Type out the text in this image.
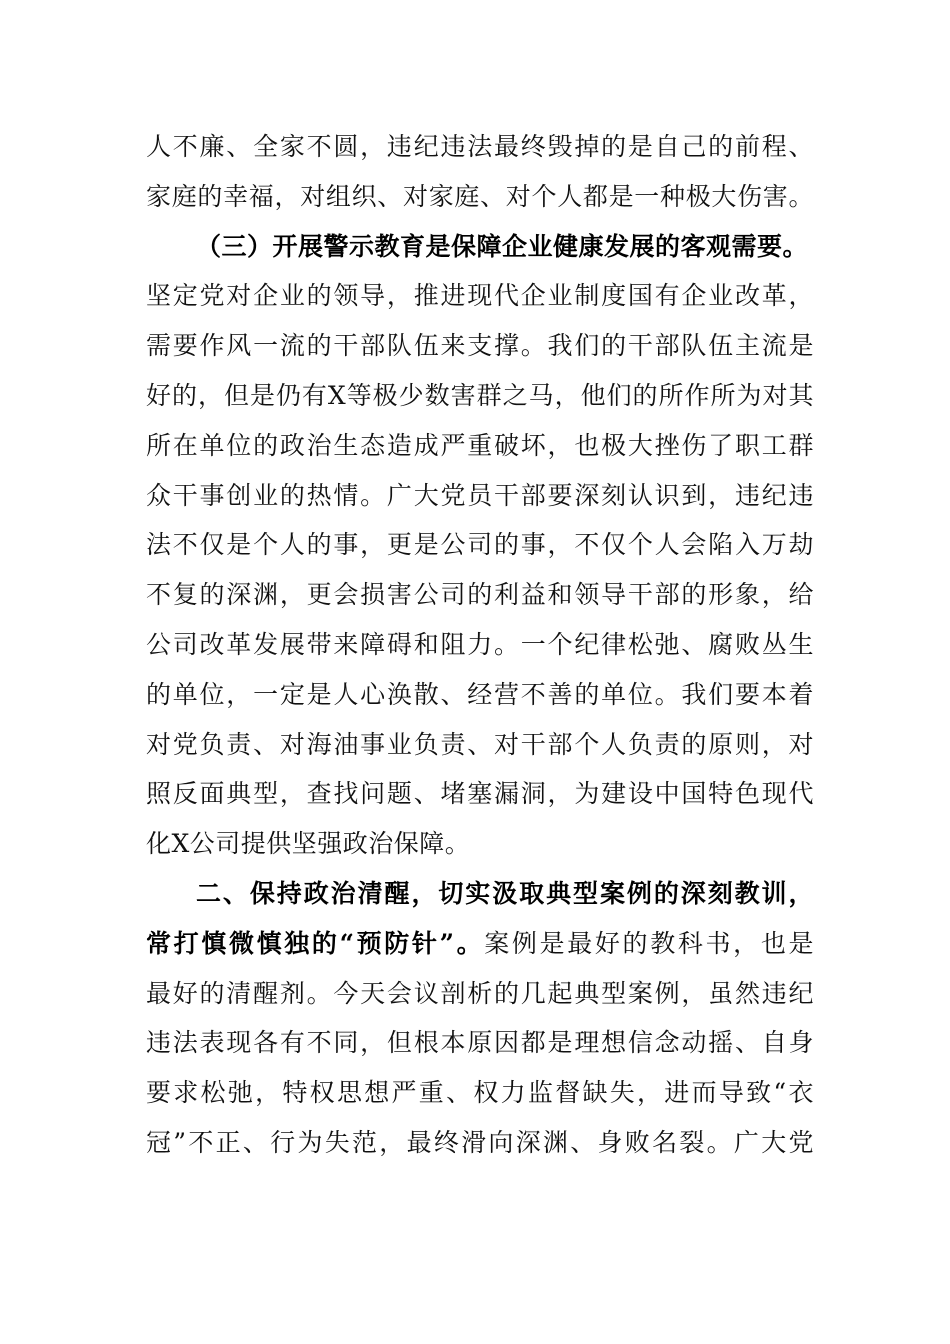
人不廉、全家不圆，违纪违法最终毁掉的是自己的前程、
家庭的幸福，对组织、对家庭、对个人都是一种极大伤害。
（三）开展警示教育是保障企业健康发展的客观需要。
坚定党对企业的领导，推进现代企业制度国有企业改革，
需要作风一流的干部队伍来支撑。我们的干部队伍主流是
好的，但是仍有X等极少数害群之马，他们的所作所为对其
所在单位的政治生态造成严重破坏，也极大挫伤了职工群
众干事创业的热情。广大党员干部要深刻认识到，违纪违
法不仅是个人的事，更是公司的事，不仅个人会陷入万劫
不复的深渊，更会损害公司的利益和领导干部的形象，给
公司改革发展带来障碍和阻力。一个纪律松弛、腐败丛生
的单位，一定是人心涣散、经营不善的单位。我们要本着
对党负责、对海油事业负责、对干部个人负责的原则，对
照反面典型，查找问题、堵塞漏洞，为建设中国特色现代
化X公司提供坚强政治保障。
二、保持政治清醒，切实汲取典型案例的深刻教训，
常打慎微慎独的“预防针”。案例是最好的教科书，也是
最好的清醒剂。今天会议剖析的几起典型案例，虽然违纪
违法表现各有不同，但根本原因都是理想信念动摇、自身
要求松弛，特权思想严重、权力监督缺失，进而导致“衣
冠”不正、行为失范，最终滑向深渊、身败名裂。广大党
